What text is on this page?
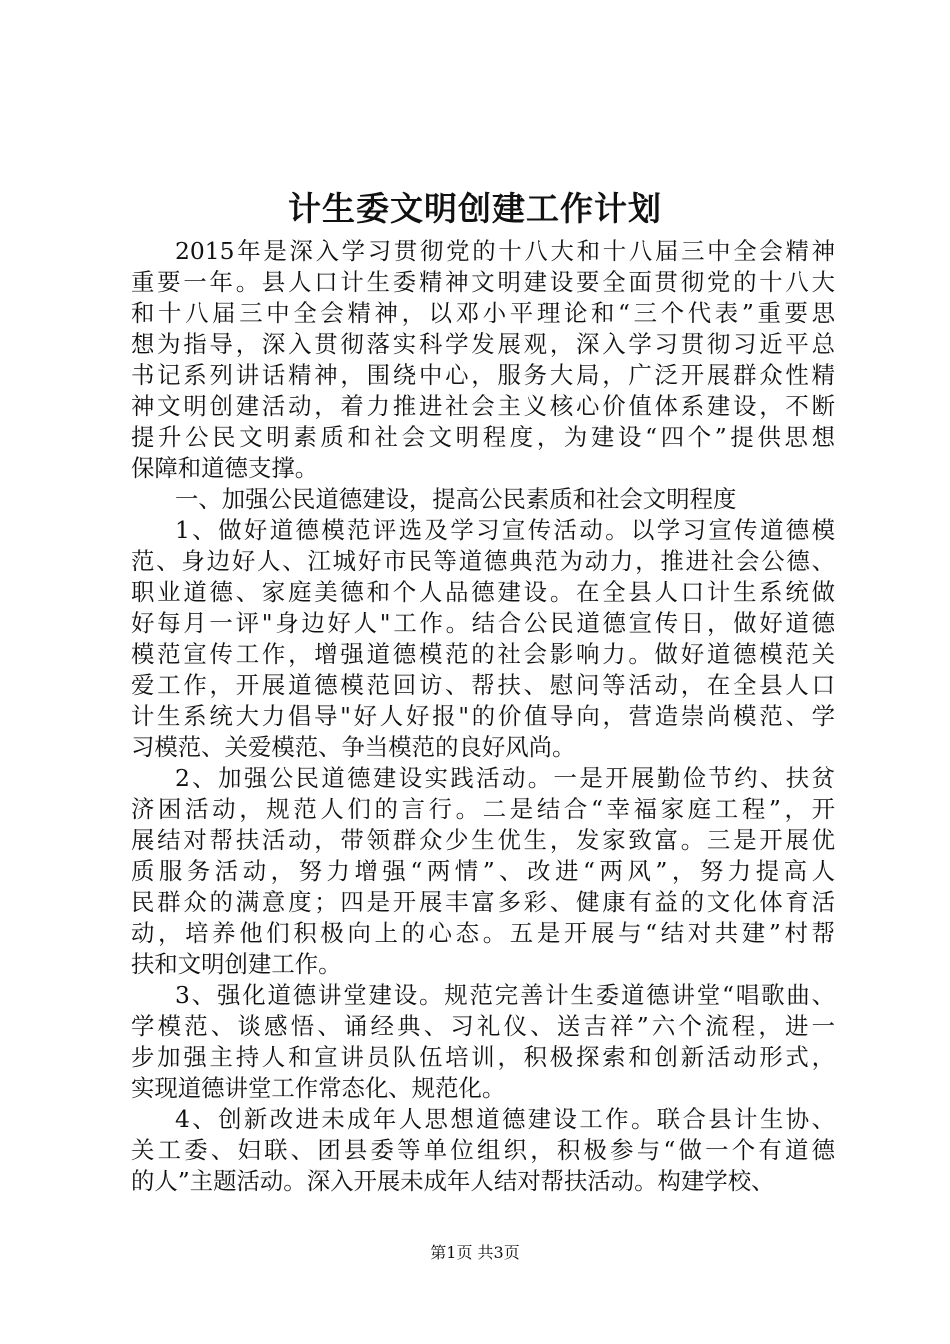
计生委文明创建工作计划
2015年是深入学习贯彻党的十八大和十八届三中全会精神
重要一年。县人口计生委精神文明建设要全面贯彻党的十八大
和十八届三中全会精神，以邓小平理论和“三个代表”重要思
想为指导，深入贯彻落实科学发展观，深入学习贯彻习近平总
书记系列讲话精神，围绕中心，服务大局，广泛开展群众性精
神文明创建活动，着力推进社会主义核心价值体系建设，不断
提升公民文明素质和社会文明程度，为建设“四个”提供思想
保障和道德支撑。
一、加强公民道德建设，提高公民素质和社会文明程度
1、做好道德模范评选及学习宣传活动。以学习宣传道德模
范、身边好人、江城好市民等道德典范为动力，推进社会公德、
职业道德、家庭美德和个人品德建设。在全县人口计生系统做
好每月一评"身边好人"工作。结合公民道德宣传日，做好道德
模范宣传工作，增强道德模范的社会影响力。做好道德模范关
爱工作，开展道德模范回访、帮扶、慰问等活动，在全县人口
计生系统大力倡导"好人好报"的价值导向，营造崇尚模范、学
习模范、关爱模范、争当模范的良好风尚。
2、加强公民道德建设实践活动。一是开展勤俭节约、扶贫
济困活动，规范人们的言行。二是结合“幸福家庭工程”，开
展结对帮扶活动，带领群众少生优生，发家致富。三是开展优
质服务活动，努力增强“两情”、改进“两风”，努力提高人
民群众的满意度；四是开展丰富多彩、健康有益的文化体育活
动，培养他们积极向上的心态。五是开展与“结对共建”村帮
扶和文明创建工作。
3、强化道德讲堂建设。规范完善计生委道德讲堂“唱歌曲、
学模范、谈感悟、诵经典、习礼仪、送吉祥”六个流程，进一
步加强主持人和宣讲员队伍培训，积极探索和创新活动形式，
实现道德讲堂工作常态化、规范化。
4、创新改进未成年人思想道德建设工作。联合县计生协、
关工委、妇联、团县委等单位组织，积极参与“做一个有道德
的人”主题活动。深入开展未成年人结对帮扶活动。构建学校、
第1页 共3页
